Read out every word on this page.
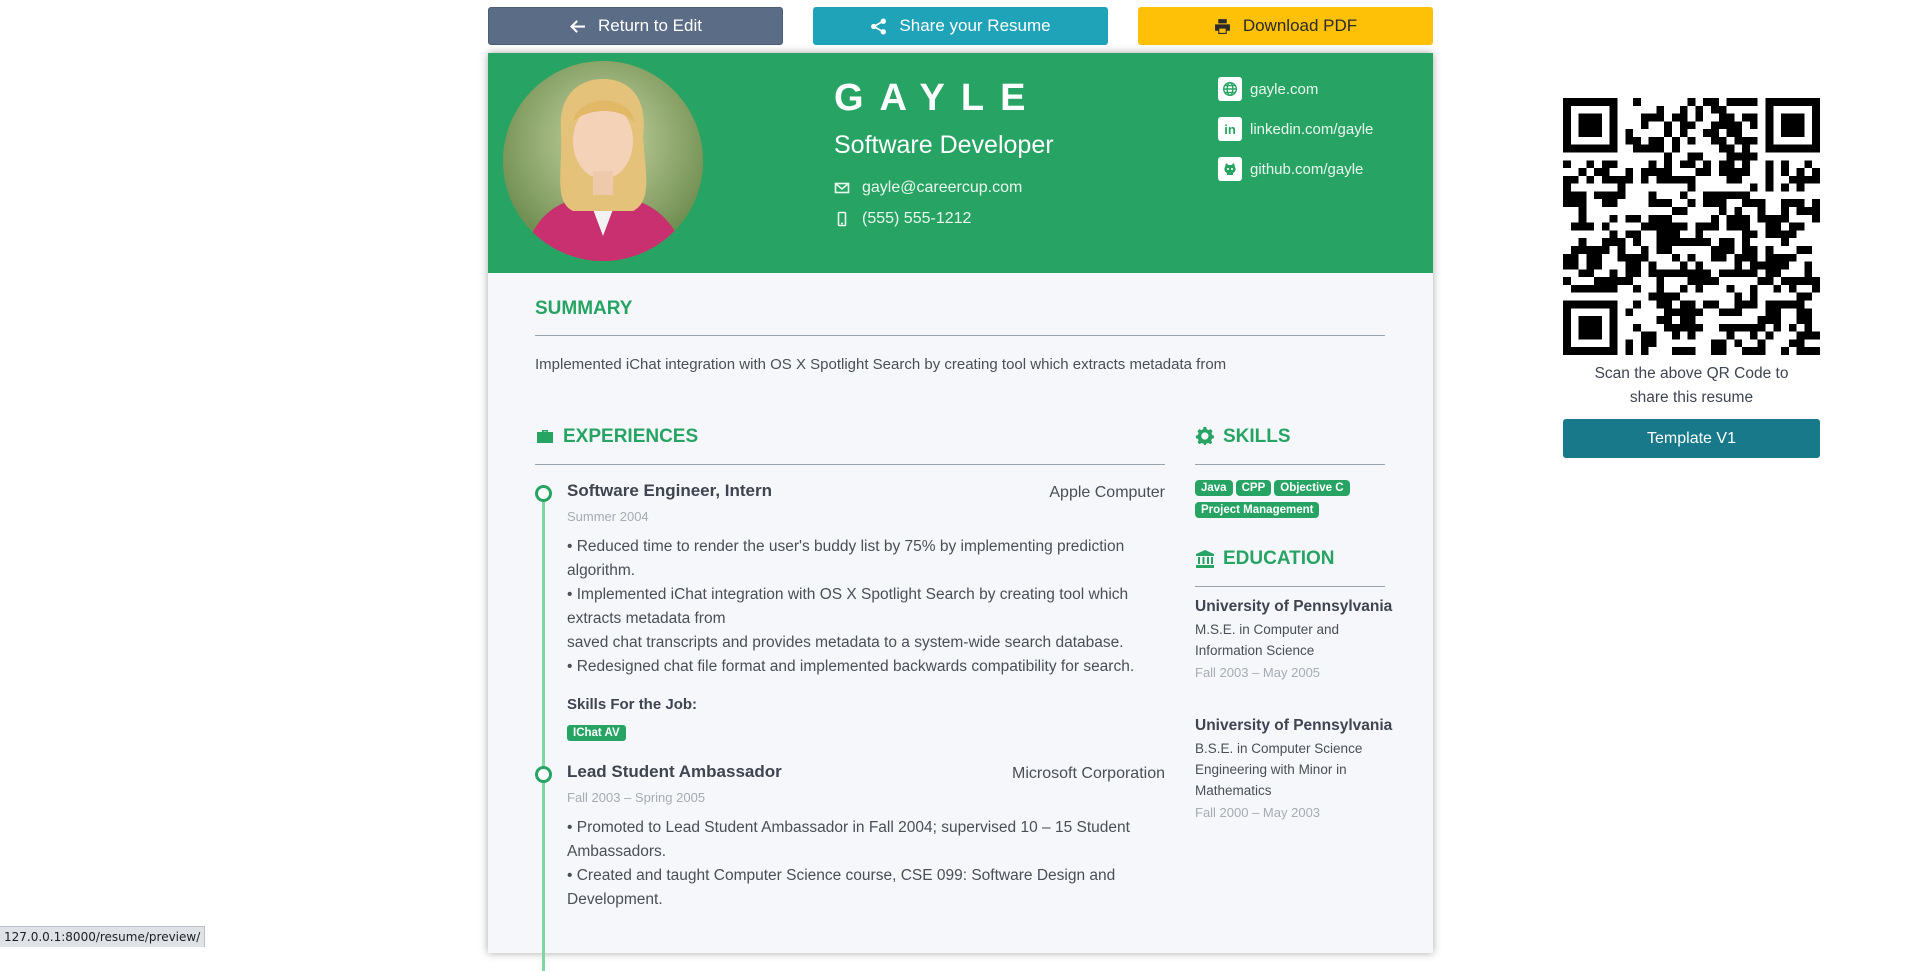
Return to Edit	Share your Resume	Download PDF
GAYLE
Software Developer
gayle@careercup.com
(555) 555-1212
gayle.com
in linkedin.com/gayle
github.com/gayle
SUMMARY
Implemented iChat integration with OS X Spotlight Search by creating tool which extracts metadata from
EXPERIENCES
Software Engineer, Intern	Apple Computer
Summer 2004
• Reduced time to render the user's buddy list by 75% by implementing prediction algorithm.
• Implemented iChat integration with OS X Spotlight Search by creating tool which extracts metadata from
saved chat transcripts and provides metadata to a system-wide search database.
• Redesigned chat file format and implemented backwards compatibility for search.
Skills For the Job:
IChat AV
Lead Student Ambassador	Microsoft Corporation
Fall 2003 – Spring 2005
• Promoted to Lead Student Ambassador in Fall 2004; supervised 10 – 15 Student Ambassadors.
• Created and taught Computer Science course, CSE 099: Software Design and Development.
SKILLS
Java CPP Objective C
Project Management
EDUCATION
University of Pennsylvania
M.S.E. in Computer and Information Science
Fall 2003 – May 2005
University of Pennsylvania
B.S.E. in Computer Science Engineering with Minor in Mathematics
Fall 2000 – May 2003
Scan the above QR Code to
share this resume
Template V1
127.0.0.1:8000/resume/preview/
